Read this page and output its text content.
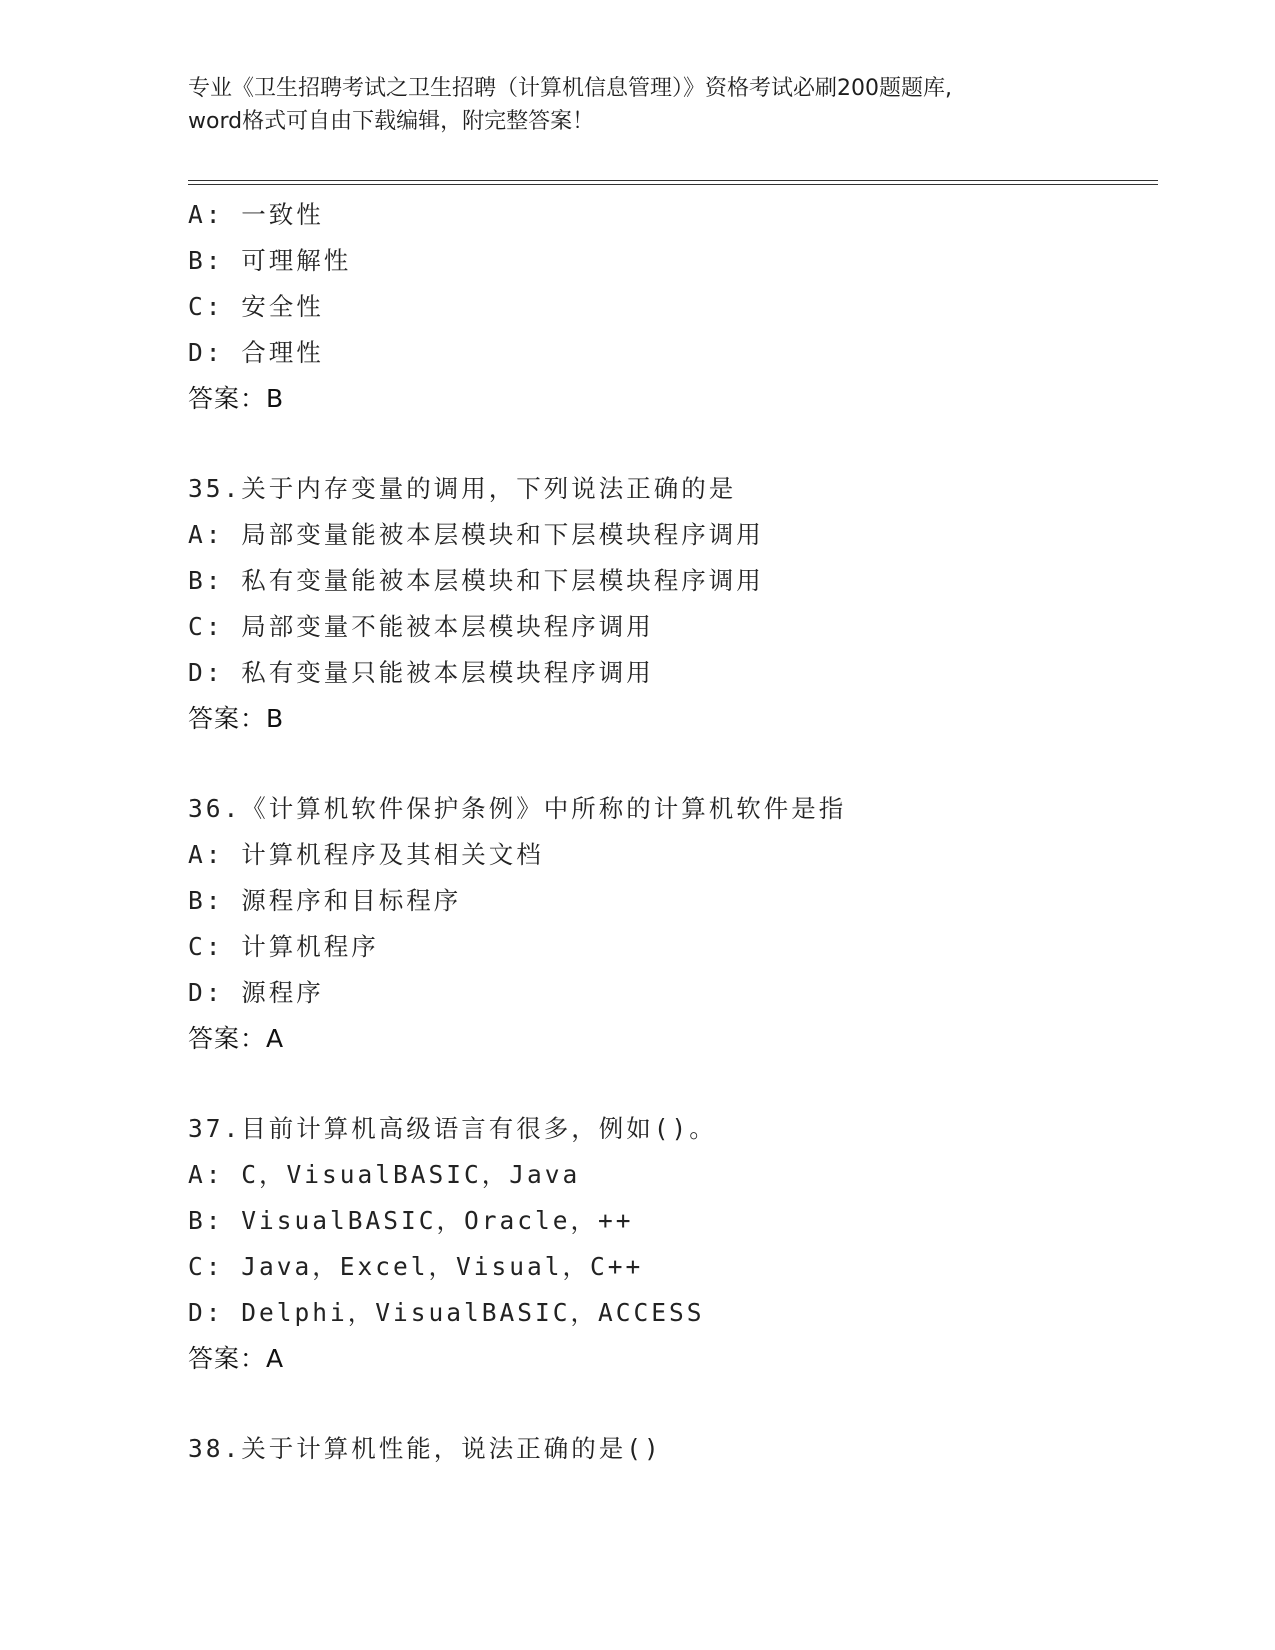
专业《卫生招聘考试之卫生招聘（计算机信息管理）》资格考试必刷200题题库,
word格式可自由下载编辑，附完整答案！
A: 一致性
B: 可理解性
C: 安全性
D: 合理性
答案：B
35.关于内存变量的调用，下列说法正确的是
A: 局部变量能被本层模块和下层模块程序调用
B: 私有变量能被本层模块和下层模块程序调用
C: 局部变量不能被本层模块程序调用
D: 私有变量只能被本层模块程序调用
答案：B
36.《计算机软件保护条例》中所称的计算机软件是指
A: 计算机程序及其相关文档
B: 源程序和目标程序
C: 计算机程序
D: 源程序
答案：A
37.目前计算机高级语言有很多，例如()。
A: C，VisualBASIC，Java
B: VisualBASIC，Oracle，++
C: Java，Excel，Visual，C++
D: Delphi，VisualBASIC，ACCESS
答案：A
38.关于计算机性能，说法正确的是()
